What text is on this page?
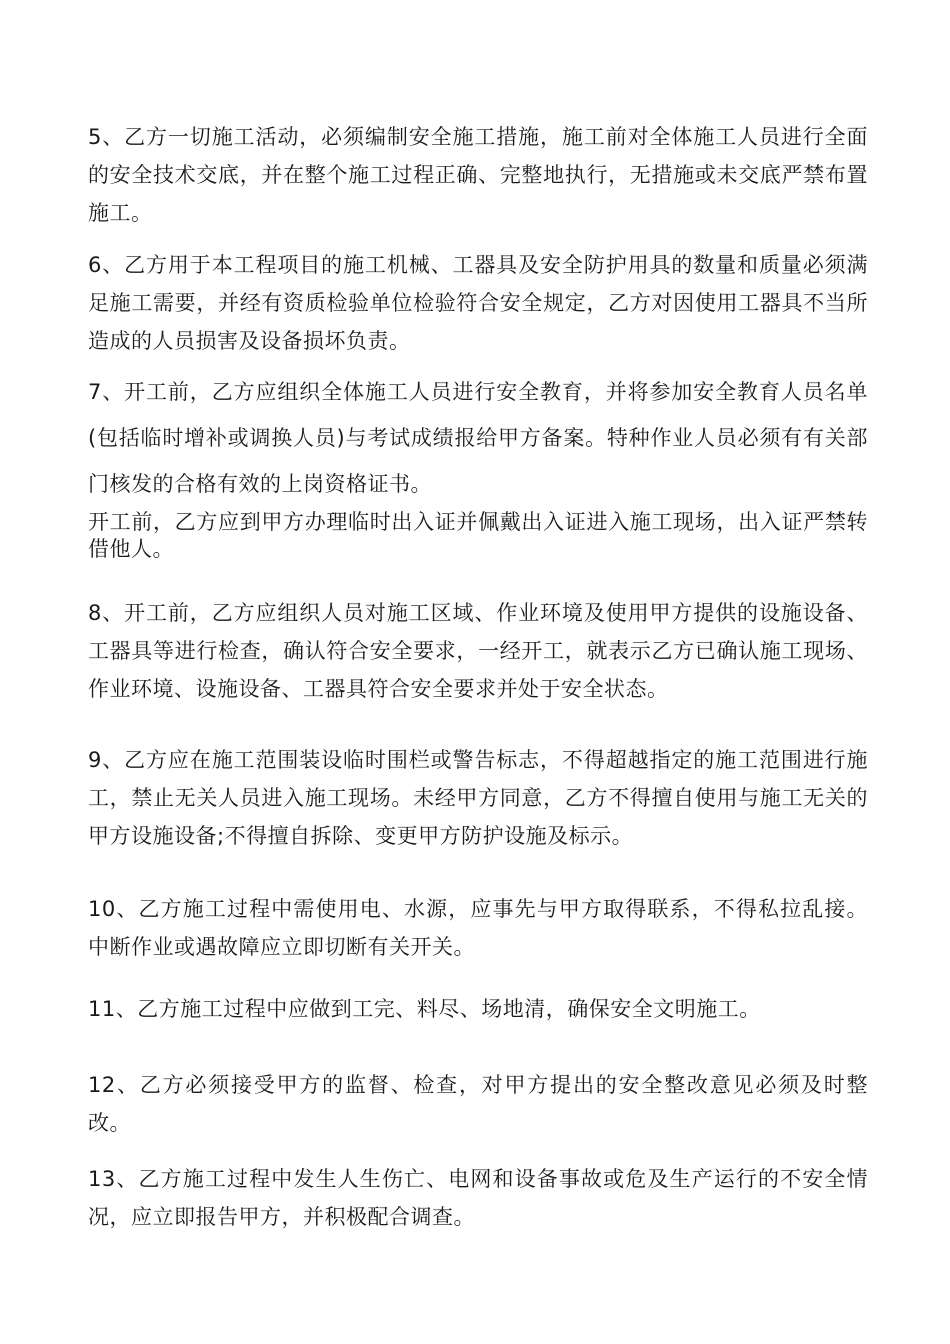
5、乙方一切施工活动，必须编制安全施工措施，施工前对全体施工人员进行全面的安全技术交底，并在整个施工过程正确、完整地执行，无措施或未交底严禁布置施工。

6、乙方用于本工程项目的施工机械、工器具及安全防护用具的数量和质量必须满足施工需要，并经有资质检验单位检验符合安全规定，乙方对因使用工器具不当所造成的人员损害及设备损坏负责。

7、开工前，乙方应组织全体施工人员进行安全教育，并将参加安全教育人员名单(包括临时增补或调换人员)与考试成绩报给甲方备案。特种作业人员必须有有关部门核发的合格有效的上岗资格证书。

开工前，乙方应到甲方办理临时出入证并佩戴出入证进入施工现场，出入证严禁转借他人。

8、开工前，乙方应组织人员对施工区域、作业环境及使用甲方提供的设施设备、工器具等进行检查，确认符合安全要求，一经开工，就表示乙方已确认施工现场、作业环境、设施设备、工器具符合安全要求并处于安全状态。

9、乙方应在施工范围装设临时围栏或警告标志，不得超越指定的施工范围进行施工，禁止无关人员进入施工现场。未经甲方同意，乙方不得擅自使用与施工无关的甲方设施设备;不得擅自拆除、变更甲方防护设施及标示。

10、乙方施工过程中需使用电、水源，应事先与甲方取得联系，不得私拉乱接。中断作业或遇故障应立即切断有关开关。

11、乙方施工过程中应做到工完、料尽、场地清，确保安全文明施工。

12、乙方必须接受甲方的监督、检查，对甲方提出的安全整改意见必须及时整改。

13、乙方施工过程中发生人生伤亡、电网和设备事故或危及生产运行的不安全情况，应立即报告甲方，并积极配合调查。
